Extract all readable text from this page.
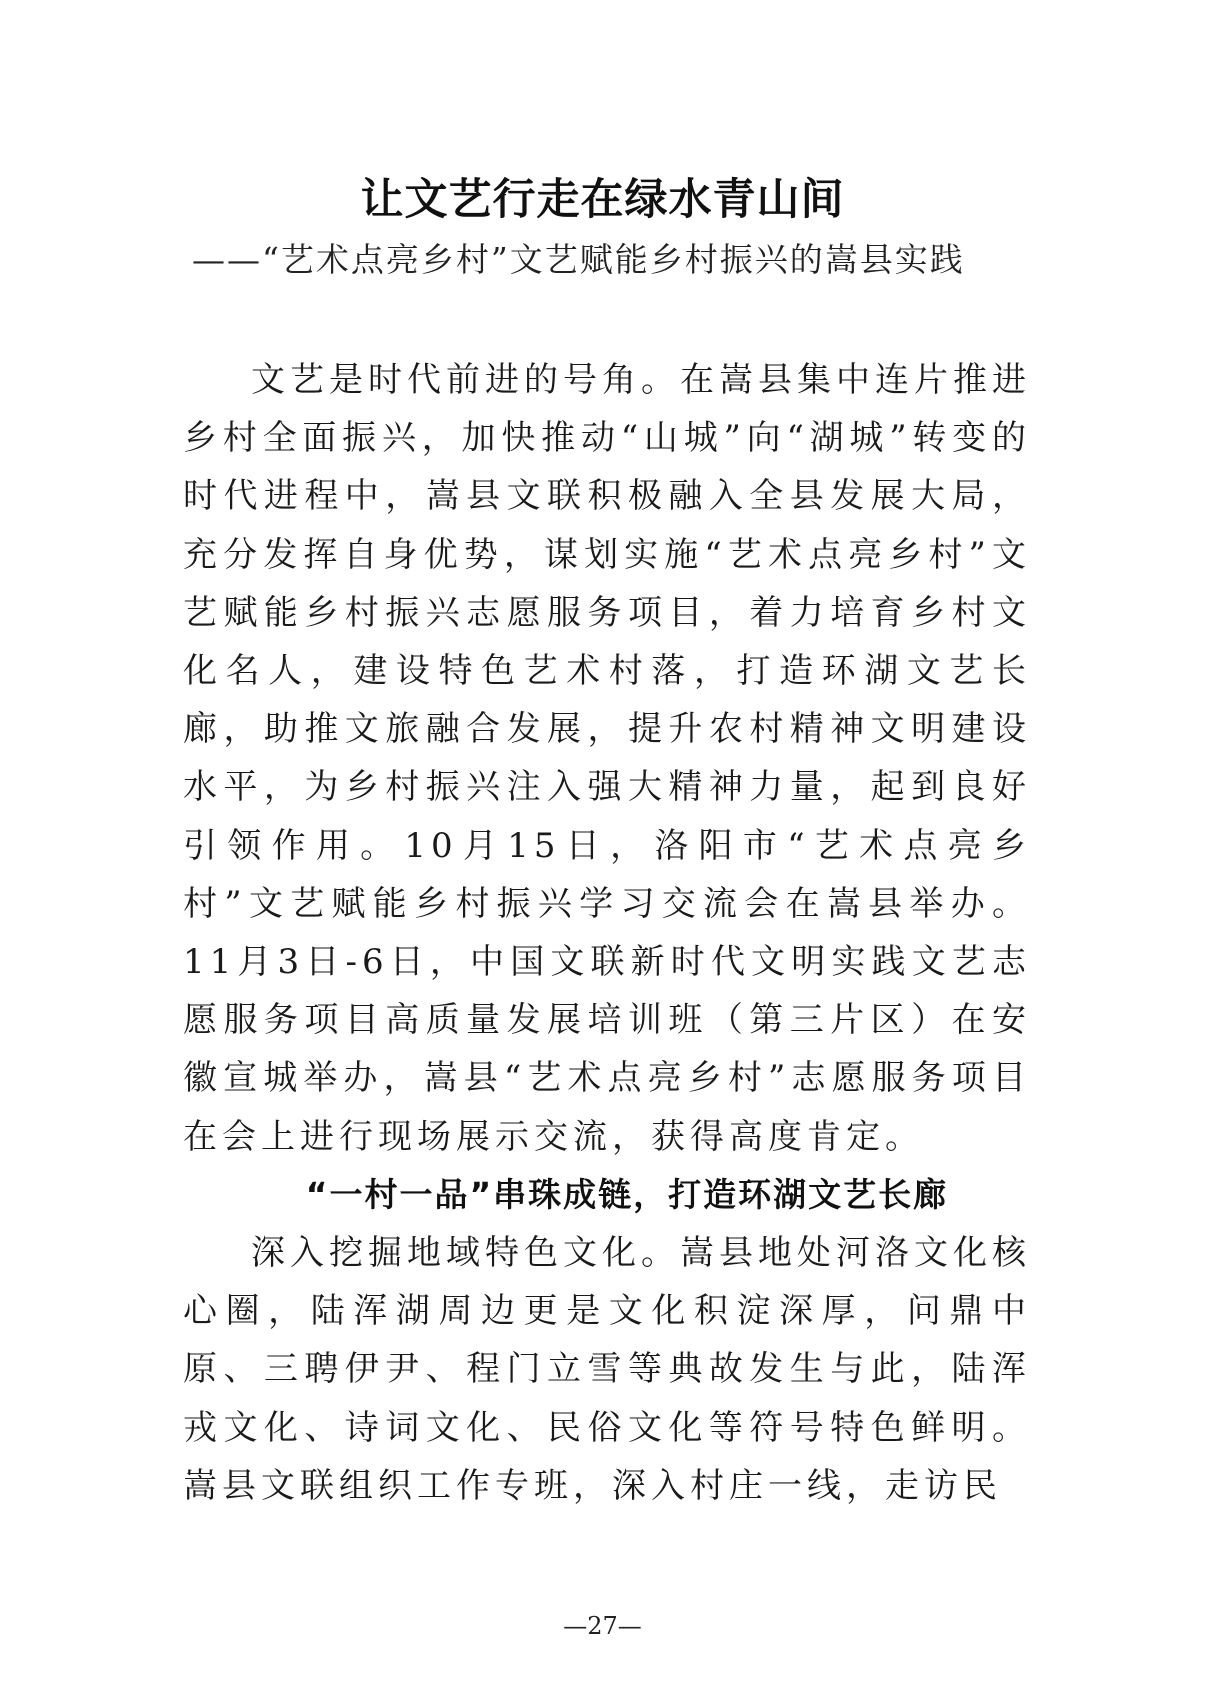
让文艺行走在绿水青山间
——“艺术点亮乡村”文艺赋能乡村振兴的嵩县实践

文艺是时代前进的号角。在嵩县集中连片推进乡村全面振兴，加快推动“山城”向“湖城”转变的时代进程中，嵩县文联积极融入全县发展大局，充分发挥自身优势，谋划实施“艺术点亮乡村”文艺赋能乡村振兴志愿服务项目，着力培育乡村文化名人，建设特色艺术村落，打造环湖文艺长廊，助推文旅融合发展，提升农村精神文明建设水平，为乡村振兴注入强大精神力量，起到良好引领作用。10月15日，洛阳市“艺术点亮乡村”文艺赋能乡村振兴学习交流会在嵩县举办。11月3日-6日，中国文联新时代文明实践文艺志愿服务项目高质量发展培训班（第三片区）在安徽宣城举办，嵩县“艺术点亮乡村”志愿服务项目在会上进行现场展示交流，获得高度肯定。

“一村一品”串珠成链，打造环湖文艺长廊

深入挖掘地域特色文化。嵩县地处河洛文化核心圈，陆浑湖周边更是文化积淀深厚，问鼎中原、三聘伊尹、程门立雪等典故发生与此，陆浑戎文化、诗词文化、民俗文化等符号特色鲜明。嵩县文联组织工作专班，深入村庄一线，走访民

—27—
